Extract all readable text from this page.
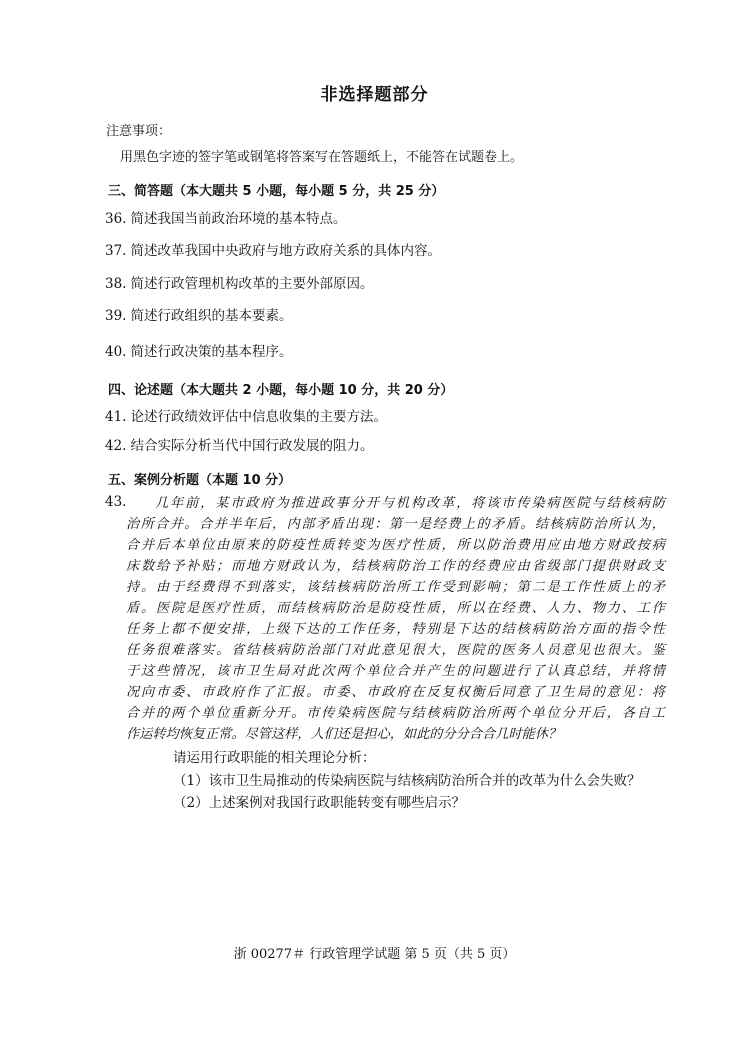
非选择题部分
注意事项：
用黑色字迹的签字笔或钢笔将答案写在答题纸上，不能答在试题卷上。
三、简答题（本大题共 5 小题，每小题 5 分，共 25 分）
36. 简述我国当前政治环境的基本特点。
37. 简述改革我国中央政府与地方政府关系的具体内容。
38. 简述行政管理机构改革的主要外部原因。
39. 简述行政组织的基本要素。
40. 简述行政决策的基本程序。
四、论述题（本大题共 2 小题，每小题 10 分，共 20 分）
41. 论述行政绩效评估中信息收集的主要方法。
42. 结合实际分析当代中国行政发展的阻力。
五、案例分析题（本题 10 分）
43. 几年前，某市政府为推进政事分开与机构改革，将该市传染病医院与结核病防
治所合并。合并半年后，内部矛盾出现：第一是经费上的矛盾。结核病防治所认为，
合并后本单位由原来的防疫性质转变为医疗性质，所以防治费用应由地方财政按病
床数给予补贴；而地方财政认为，结核病防治工作的经费应由省级部门提供财政支
持。由于经费得不到落实，该结核病防治所工作受到影响；第二是工作性质上的矛
盾。医院是医疗性质，而结核病防治是防疫性质，所以在经费、人力、物力、工作
任务上都不便安排，上级下达的工作任务，特别是下达的结核病防治方面的指令性
任务很难落实。省结核病防治部门对此意见很大，医院的医务人员意见也很大。鉴
于这些情况，该市卫生局对此次两个单位合并产生的问题进行了认真总结，并将情
况向市委、市政府作了汇报。市委、市政府在反复权衡后同意了卫生局的意见：将
合并的两个单位重新分开。市传染病医院与结核病防治所两个单位分开后，各自工
作运转均恢复正常。尽管这样，人们还是担心，如此的分分合合几时能休？
请运用行政职能的相关理论分析：
（1）该市卫生局推动的传染病医院与结核病防治所合并的改革为什么会失败？
（2）上述案例对我国行政职能转变有哪些启示？
浙 00277＃ 行政管理学试题 第 5 页（共 5 页）
